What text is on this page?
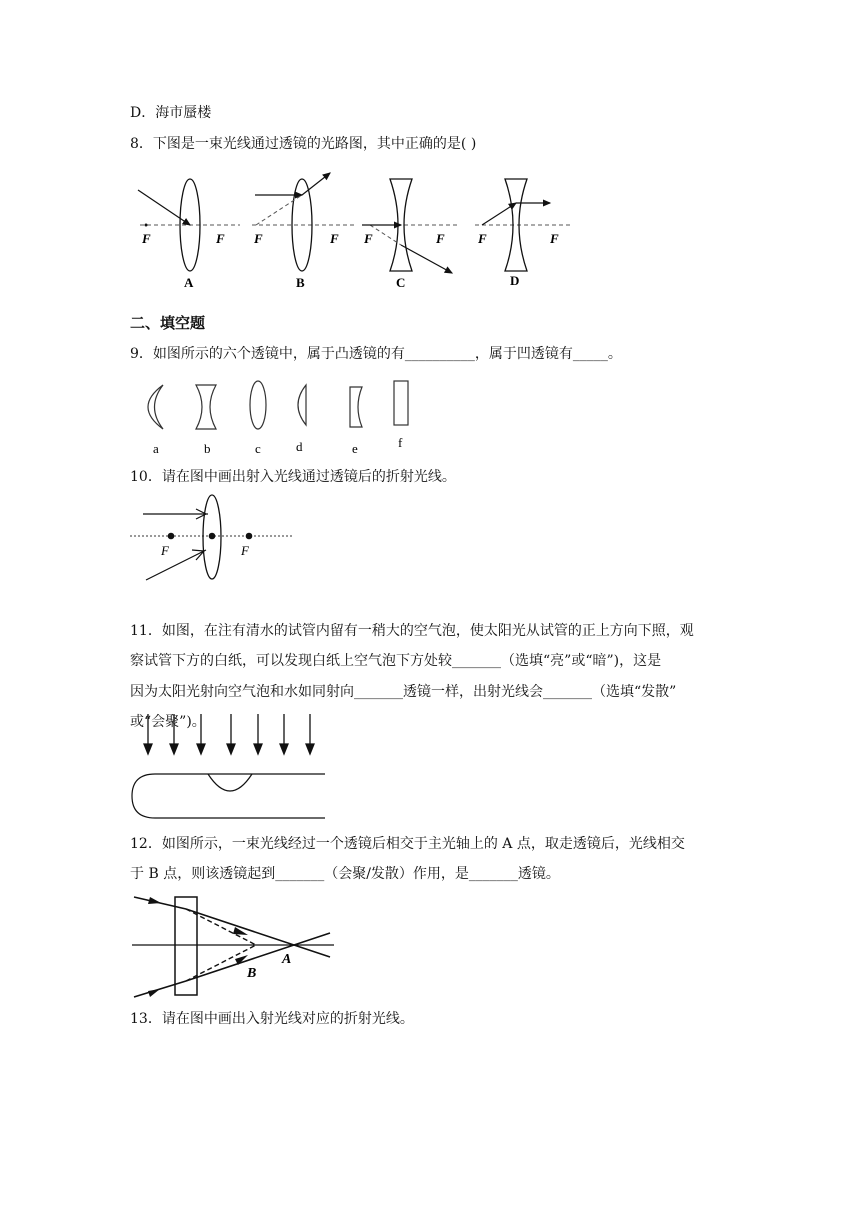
D．海市蜃楼
8．下图是一束光线通过透镜的光路图，其中正确的是( )
F	F
A
F	F
B
F	F
C
F	F
D
二、填空题
9．如图所示的六个透镜中，属于凸透镜的有__________，属于凹透镜有_____。
a	b	c	d	e	f
10．请在图中画出射入光线通过透镜后的折射光线。
F	F
11．如图，在注有清水的试管内留有一稍大的空气泡，使太阳光从试管的正上方向下照，观
察试管下方的白纸，可以发现白纸上空气泡下方处较_______（选填“亮”或“暗”)，这是
因为太阳光射向空气泡和水如同射向_______透镜一样，出射光线会_______（选填“发散”
或“会聚”)。
12．如图所示，一束光线经过一个透镜后相交于主光轴上的 A 点，取走透镜后，光线相交
于 B 点，则该透镜起到_______（会聚/发散）作用，是_______透镜。
B
A
13．请在图中画出入射光线对应的折射光线。
